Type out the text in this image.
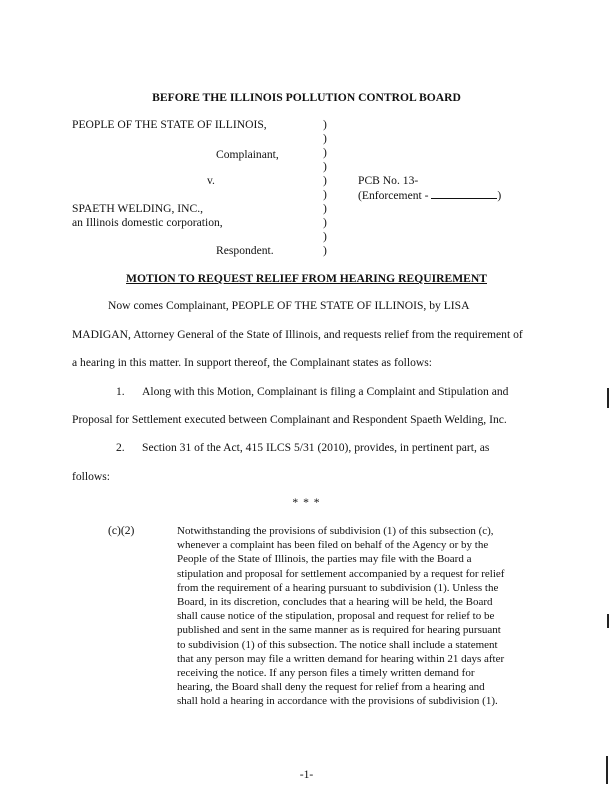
BEFORE THE ILLINOIS POLLUTION CONTROL BOARD
PEOPLE OF THE STATE OF ILLINOIS,
Complainant,
v.
SPAETH WELDING, INC.,
an Illinois domestic corporation,
Respondent.
)
)
)
)
)
)
)
)
)
)
PCB No. 13-
(Enforcement -	)
MOTION TO REQUEST RELIEF FROM HEARING REQUIREMENT
Now comes Complainant, PEOPLE OF THE STATE OF ILLINOIS, by LISA
MADIGAN, Attorney General of the State of Illinois, and requests relief from the requirement of
a hearing in this matter. In support thereof, the Complainant states as follows:
1. Along with this Motion, Complainant is filing a Complaint and Stipulation and
Proposal for Settlement executed between Complainant and Respondent Spaeth Welding, Inc.
2. Section 31 of the Act, 415 ILCS 5/31 (2010), provides, in pertinent part, as
follows:
* * *
(c)(2)	Notwithstanding the provisions of subdivision (1) of this subsection (c),
whenever a complaint has been filed on behalf of the Agency or by the
People of the State of Illinois, the parties may file with the Board a
stipulation and proposal for settlement accompanied by a request for relief
from the requirement of a hearing pursuant to subdivision (1). Unless the
Board, in its discretion, concludes that a hearing will be held, the Board
shall cause notice of the stipulation, proposal and request for relief to be
published and sent in the same manner as is required for hearing pursuant
to subdivision (1) of this subsection. The notice shall include a statement
that any person may file a written demand for hearing within 21 days after
receiving the notice. If any person files a timely written demand for
hearing, the Board shall deny the request for relief from a hearing and
shall hold a hearing in accordance with the provisions of subdivision (1).
-1-
